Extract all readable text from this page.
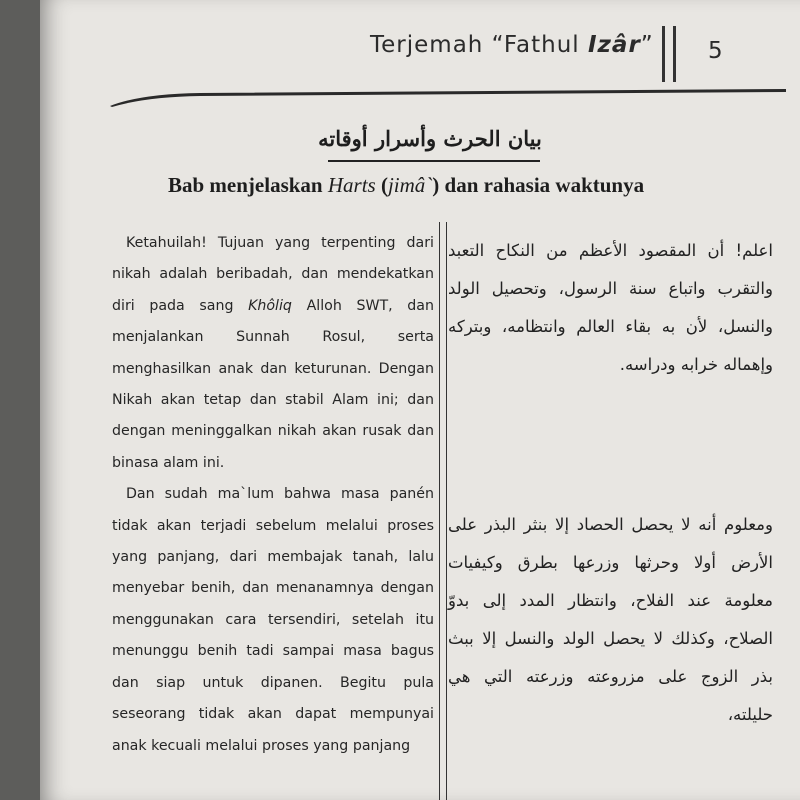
Terjemah “Fathul Izâr” 5
بيان الحرث وأسرار أوقاته
Bab menjelaskan Harts (jimâ`) dan rahasia waktunya

Ketahuilah! Tujuan yang terpenting dari nikah adalah beribadah, dan mendekatkan diri pada sang Khôliq Alloh SWT, dan menjalankan Sunnah Rosul, serta menghasilkan anak dan keturunan. Dengan Nikah akan tetap dan stabil Alam ini; dan dengan meninggalkan nikah akan rusak dan binasa alam ini.

Dan sudah ma`lum bahwa masa panén tidak akan terjadi sebelum melalui proses yang panjang, dari membajak tanah, lalu menyebar benih, dan menanamnya dengan menggunakan cara tersendiri, setelah itu menunggu benih tadi sampai masa bagus dan siap untuk dipanen. Begitu pula seseorang tidak akan dapat mempunyai anak kecuali melalui proses yang panjang

اعلم! أن المقصود الأعظم من النكاح التعبد والتقرب واتباع سنة الرسول، وتحصيل الولد والنسل، لأن به بقاء العالم وانتظامه، وبتركه وإهماله خرابه ودراسه.

ومعلوم أنه لا يحصل الحصاد إلا بنثر البذر على الأرض أولا وحرثها وزرعها بطرق وكيفيات معلومة عند الفلاح، وانتظار المدد إلى بدوّ الصلاح، وكذلك لا يحصل الولد والنسل إلا ببث بذر الزوج على مزروعته وزرعته التي هي حليلته،
